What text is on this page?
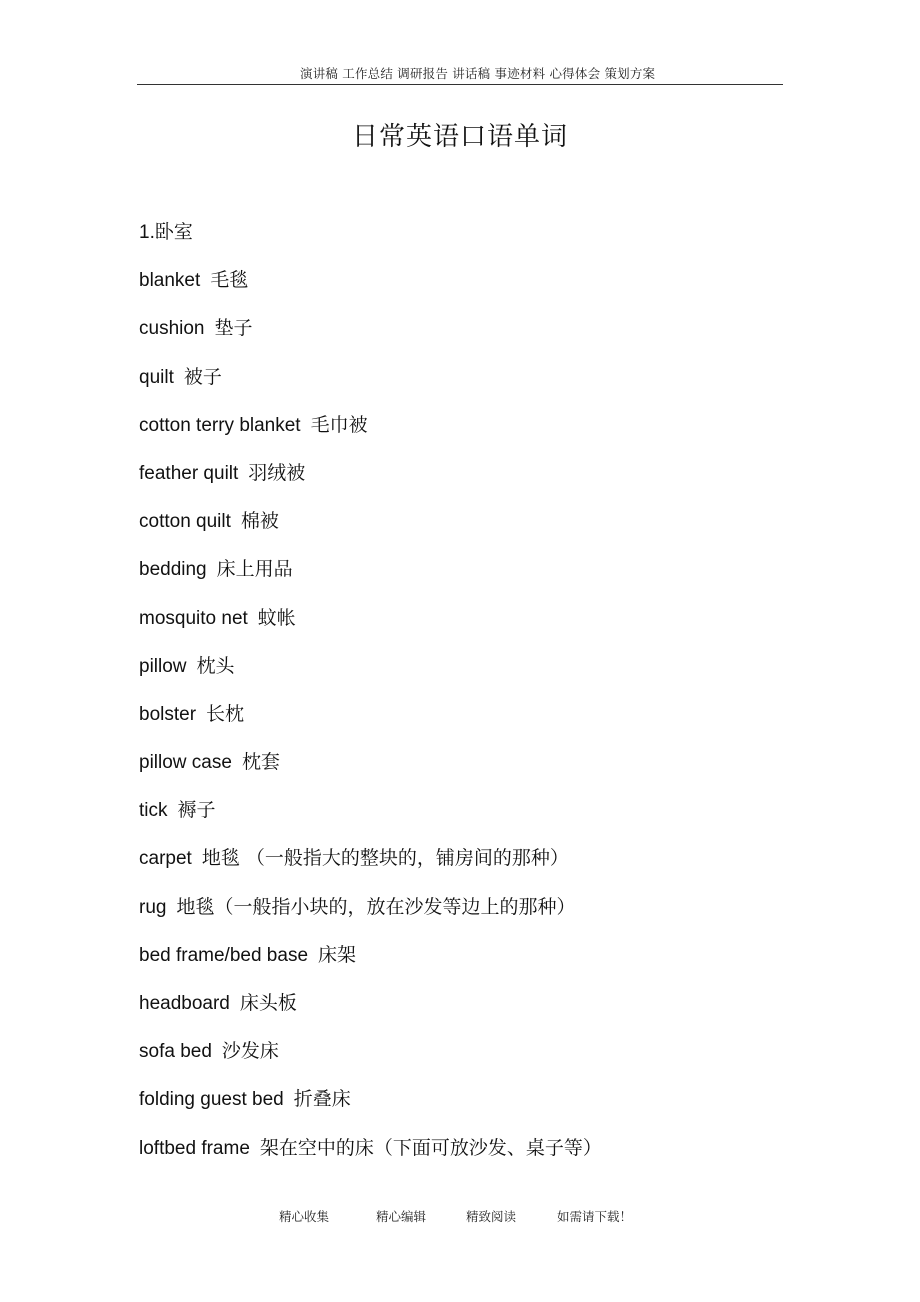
演讲稿 工作总结 调研报告 讲话稿 事迹材料 心得体会 策划方案
日常英语口语单词
1.卧室
blanket 毛毯
cushion 垫子
quilt 被子
cotton terry blanket 毛巾被
feather quilt 羽绒被
cotton quilt 棉被
bedding 床上用品
mosquito net 蚊帐
pillow 枕头
bolster 长枕
pillow case 枕套
tick 褥子
carpet 地毯 （一般指大的整块的，铺房间的那种）
rug 地毯（一般指小块的，放在沙发等边上的那种）
bed frame/bed base 床架
headboard 床头板
sofa bed 沙发床
folding guest bed 折叠床
loftbed frame 架在空中的床（下面可放沙发、桌子等）
精心收集	精心编辑	精致阅读	如需请下载！
